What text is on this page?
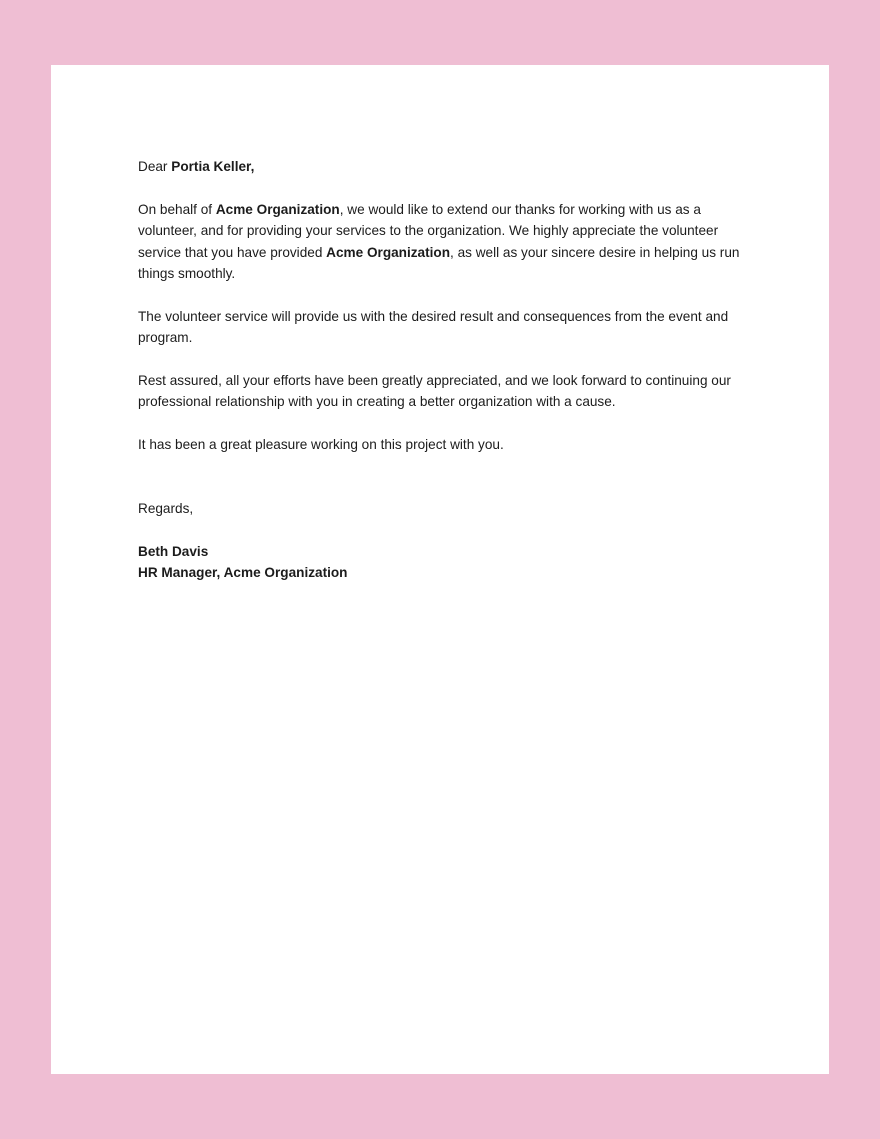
Dear Portia Keller,

On behalf of Acme Organization, we would like to extend our thanks for working with us as a volunteer, and for providing your services to the organization. We highly appreciate the volunteer service that you have provided Acme Organization, as well as your sincere desire in helping us run things smoothly.

The volunteer service will provide us with the desired result and consequences from the event and program.

Rest assured, all your efforts have been greatly appreciated, and we look forward to continuing our professional relationship with you in creating a better organization with a cause.

It has been a great pleasure working on this project with you.

Regards,

Beth Davis

HR Manager, Acme Organization
